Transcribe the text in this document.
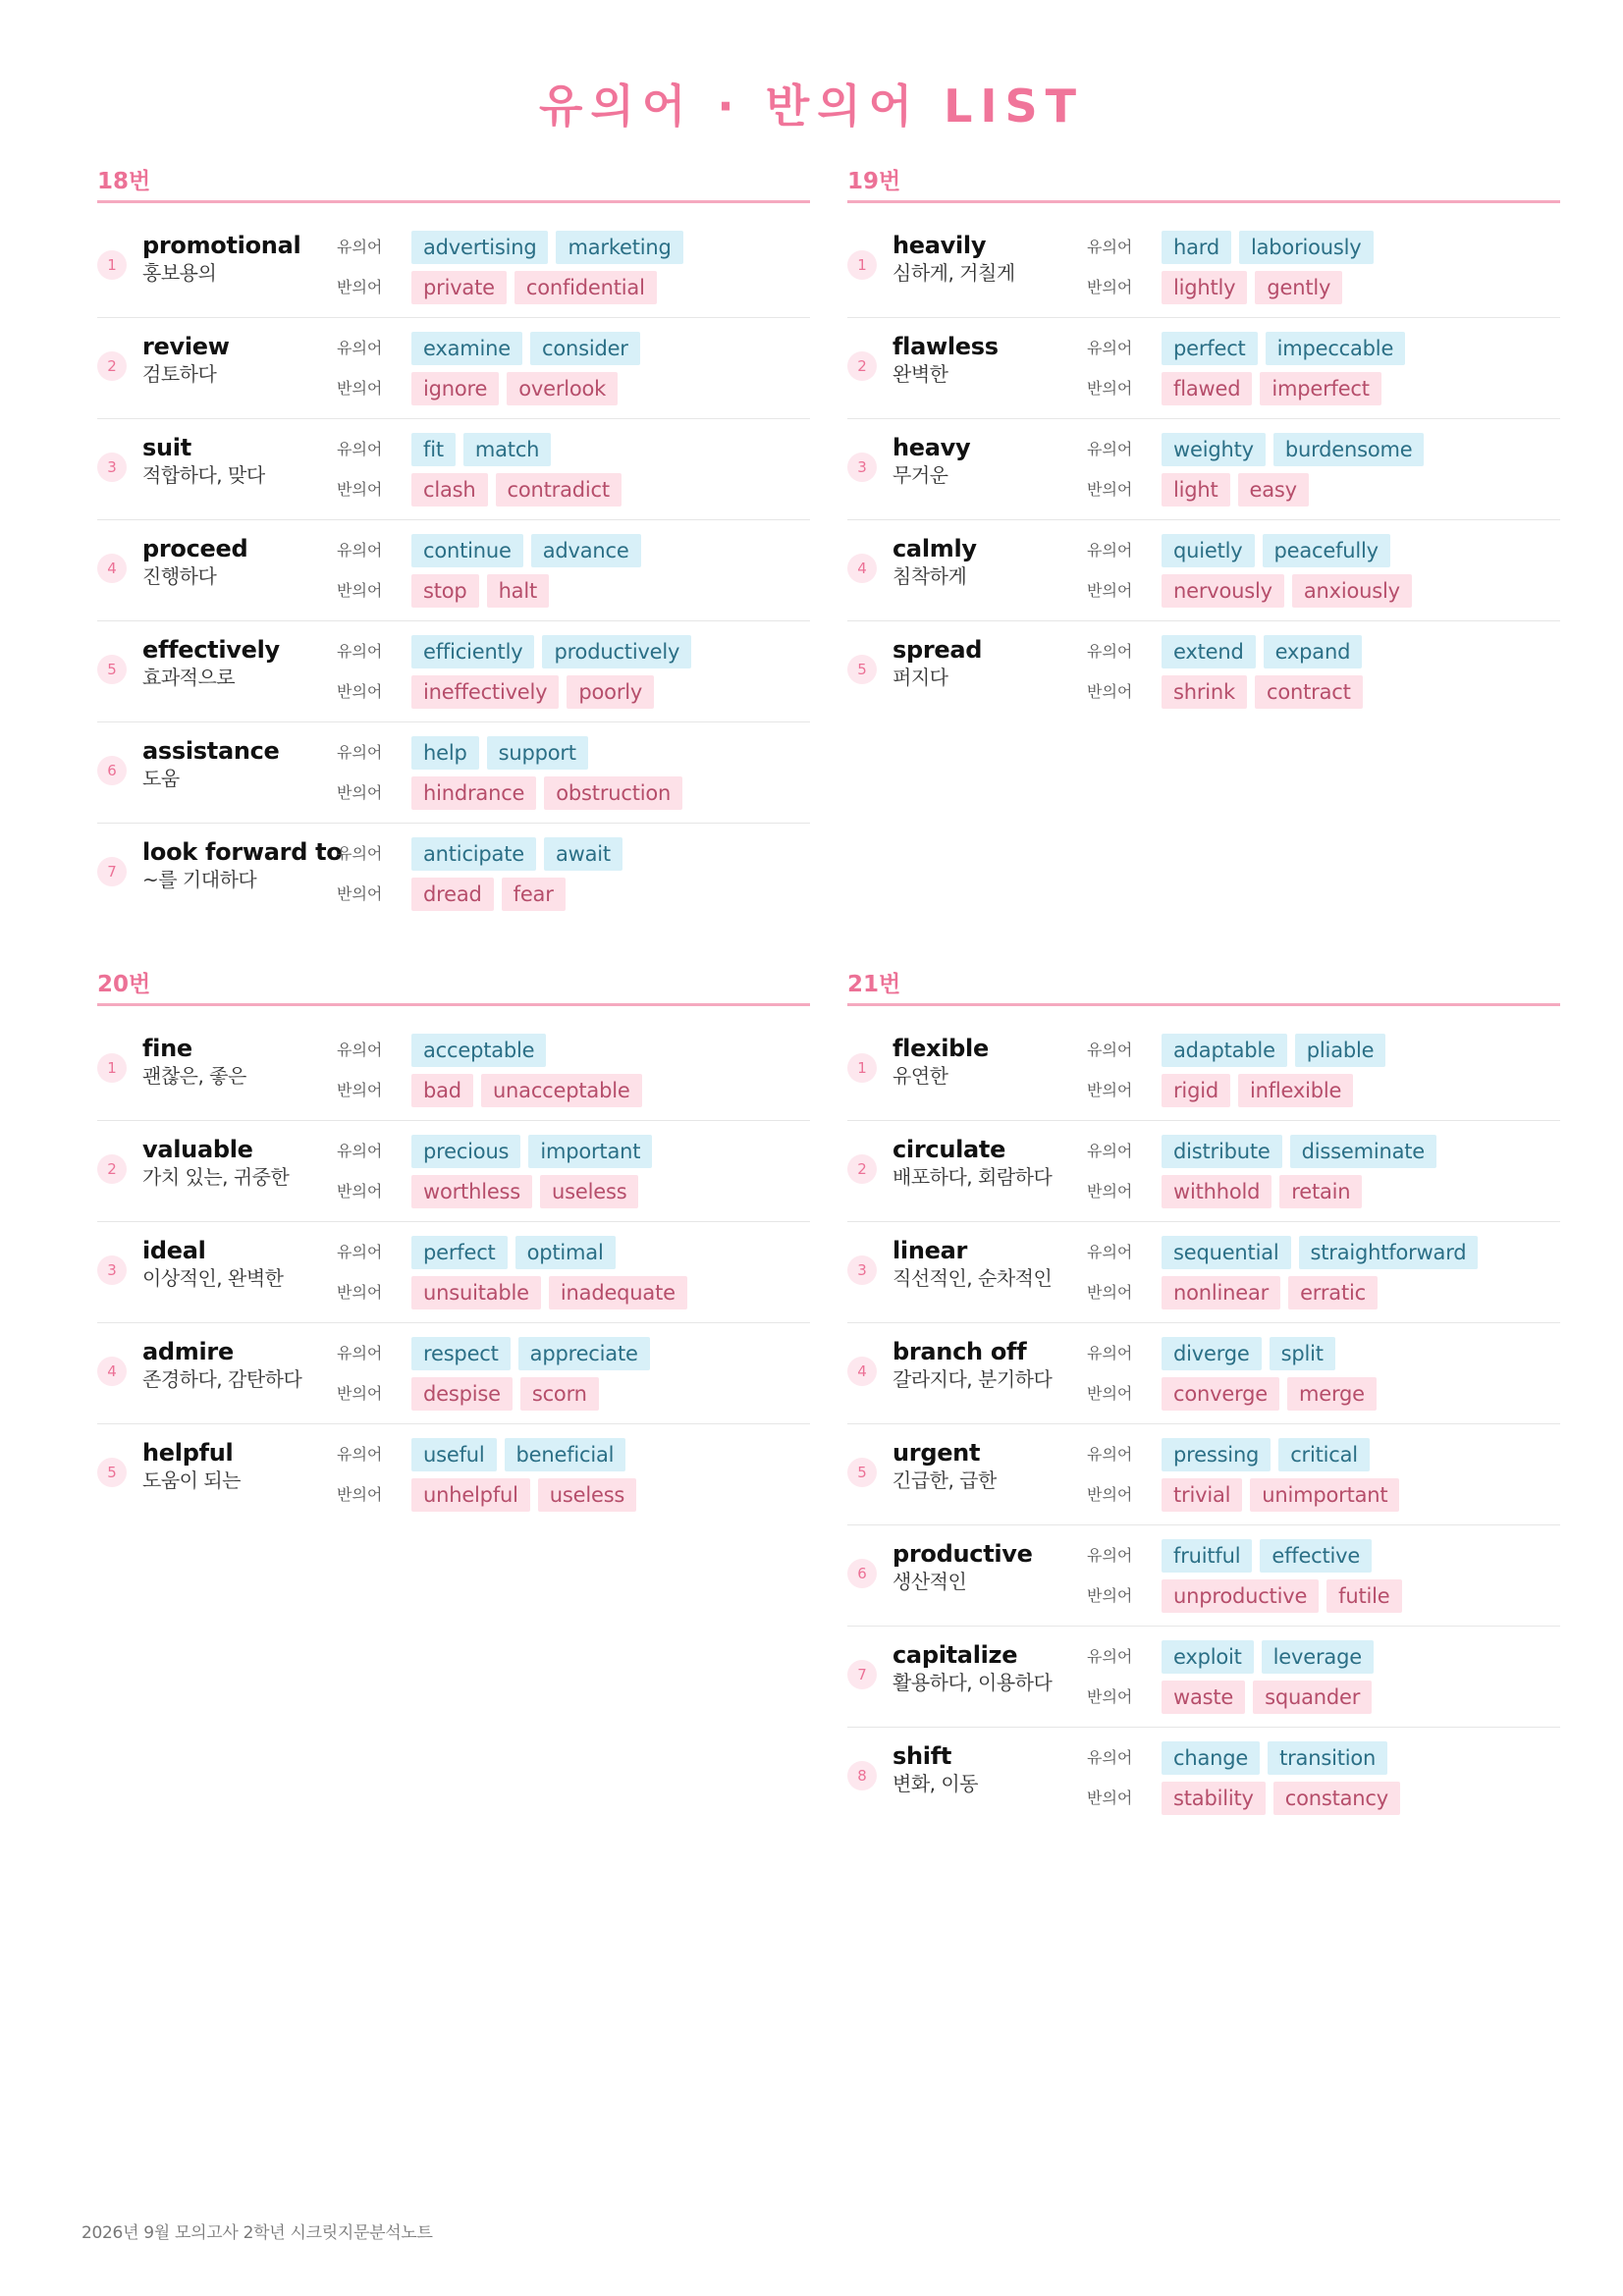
유의어 · 반의어 LIST
18번
1

promotional

홍보용의

유의어
반의어
advertising	marketing
private	confidential
2

review

검토하다

유의어
반의어
examine	consider
ignore	overlook
3

suit

적합하다, 맞다

유의어
반의어
fit	match
clash	contradict
4

proceed

진행하다

유의어
반의어
continue	advance
stop	halt
5

effectively

효과적으로

유의어
반의어
efficiently	productively
ineffectively	poorly
6

assistance

도움

유의어
반의어
help	support
hindrance	obstruction
7

look forward to

~를 기대하다

유의어
반의어
anticipate	await
dread	fear
19번
1

heavily

심하게, 거칠게

유의어
반의어
hard	laboriously
lightly	gently
2

flawless

완벽한

유의어
반의어
perfect	impeccable
flawed	imperfect
3

heavy

무거운

유의어
반의어
weighty	burdensome
light	easy
4

calmly

침착하게

유의어
반의어
quietly	peacefully
nervously	anxiously
5

spread

퍼지다

유의어
반의어
extend	expand
shrink	contract
20번
1

fine

괜찮은, 좋은

유의어
반의어
acceptable
bad	unacceptable
2

valuable

가치 있는, 귀중한

유의어
반의어
precious	important
worthless	useless
3

ideal

이상적인, 완벽한

유의어
반의어
perfect	optimal
unsuitable	inadequate
4

admire

존경하다, 감탄하다

유의어
반의어
respect	appreciate
despise	scorn
5

helpful

도움이 되는

유의어
반의어
useful	beneficial
unhelpful	useless
21번
1

flexible

유연한

유의어
반의어
adaptable	pliable
rigid	inflexible
2

circulate

배포하다, 회람하다

유의어
반의어
distribute	disseminate
withhold	retain
3

linear

직선적인, 순차적인

유의어
반의어
sequential	straightforward
nonlinear	erratic
4

branch off

갈라지다, 분기하다

유의어
반의어
diverge	split
converge	merge
5

urgent

긴급한, 급한

유의어
반의어
pressing	critical
trivial	unimportant
6

productive

생산적인

유의어
반의어
fruitful	effective
unproductive	futile
7

capitalize

활용하다, 이용하다

유의어
반의어
exploit	leverage
waste	squander
8

shift

변화, 이동

유의어
반의어
change	transition
stability	constancy

2026년 9월 모의고사 2학년 시크릿지문분석노트
